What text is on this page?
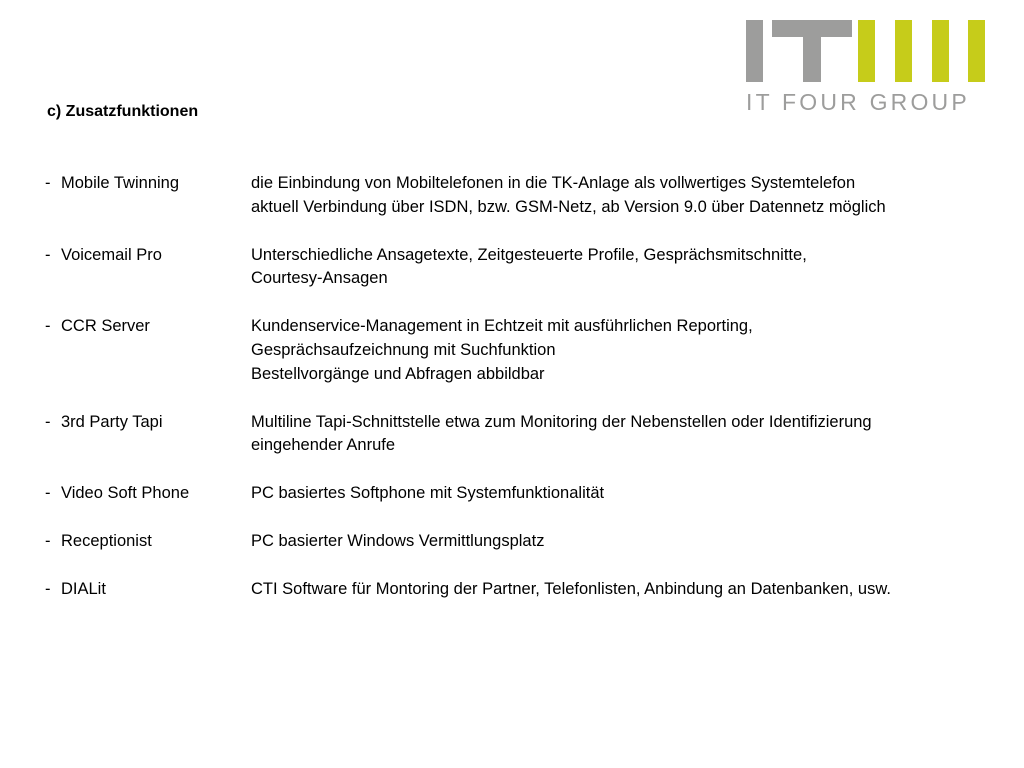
IT FOUR GROUP
c) Zusatzfunktionen
- Mobile Twinning	die Einbindung von Mobiltelefonen in die TK-Anlage als vollwertiges Systemtelefon
aktuell Verbindung über ISDN, bzw. GSM-Netz, ab Version 9.0 über Datennetz möglich
- Voicemail Pro	Unterschiedliche Ansagetexte, Zeitgesteuerte Profile, Gesprächsmitschnitte,
Courtesy-Ansagen
- CCR Server	Kundenservice-Management in Echtzeit mit ausführlichen Reporting,
Gesprächsaufzeichnung mit Suchfunktion
Bestellvorgänge und Abfragen abbildbar
- 3rd Party Tapi	Multiline Tapi-Schnittstelle etwa zum Monitoring der Nebenstellen oder Identifizierung
eingehender Anrufe
- Video Soft Phone	PC basiertes Softphone mit Systemfunktionalität
- Receptionist	PC basierter Windows Vermittlungsplatz
- DIALit	CTI Software für Montoring der Partner, Telefonlisten, Anbindung an Datenbanken, usw.
